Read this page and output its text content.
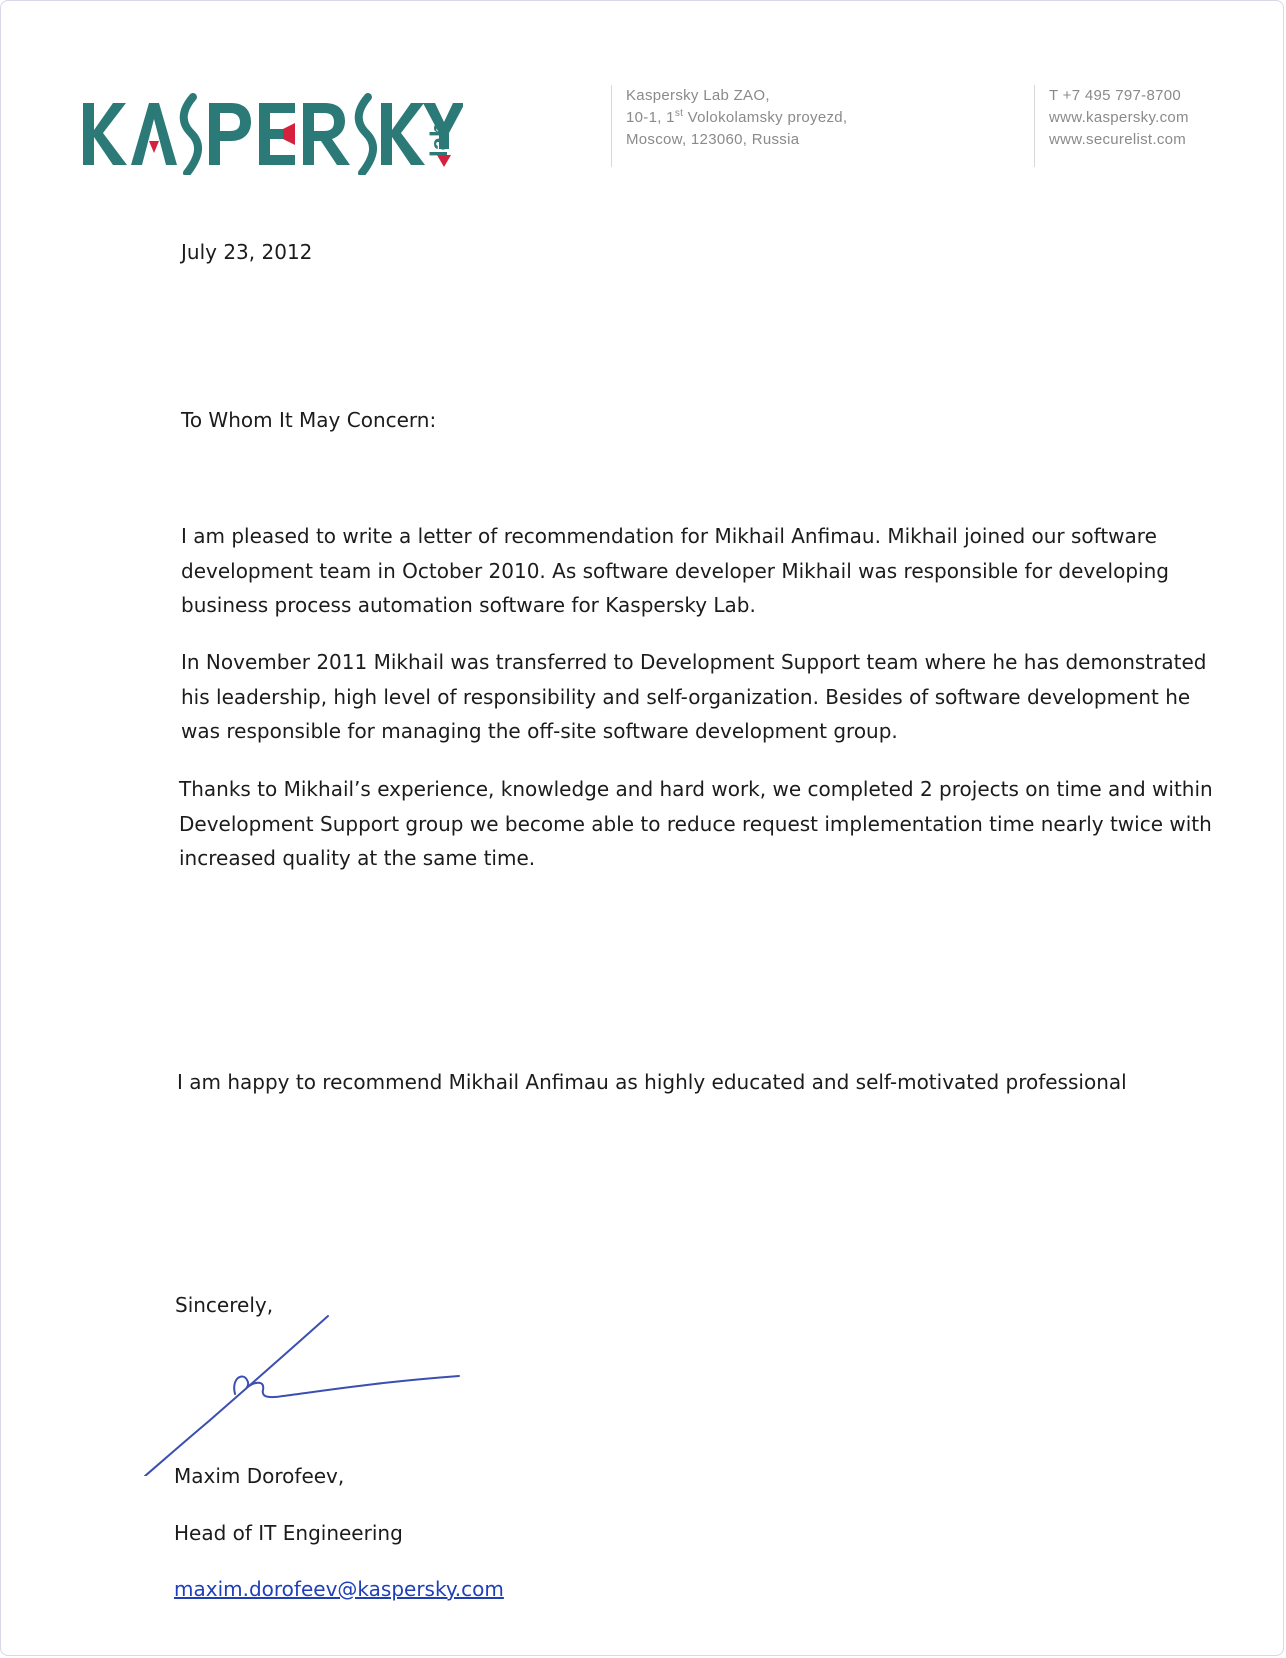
lab
Kaspersky Lab ZAO,
10-1, 1st Volokolamsky proyezd,
Moscow, 123060, Russia
T +7 495 797-8700
www.kaspersky.com
www.securelist.com

July 23, 2012

To Whom It May Concern:

I am pleased to write a letter of recommendation for Mikhail Anfimau. Mikhail joined our software development team in October 2010. As software developer Mikhail was responsible for developing business process automation software for Kaspersky Lab.

In November 2011 Mikhail was transferred to Development Support team where he has demonstrated his leadership, high level of responsibility and self-organization. Besides of software development he was responsible for managing the off-site software development group.

Thanks to Mikhail’s experience, knowledge and hard work, we completed 2 projects on time and within Development Support group we become able to reduce request implementation time nearly twice with increased quality at the same time.

I am happy to recommend Mikhail Anfimau as highly educated and self-motivated professional

Sincerely,

Maxim Dorofeev,

Head of IT Engineering

maxim.dorofeev@kaspersky.com
